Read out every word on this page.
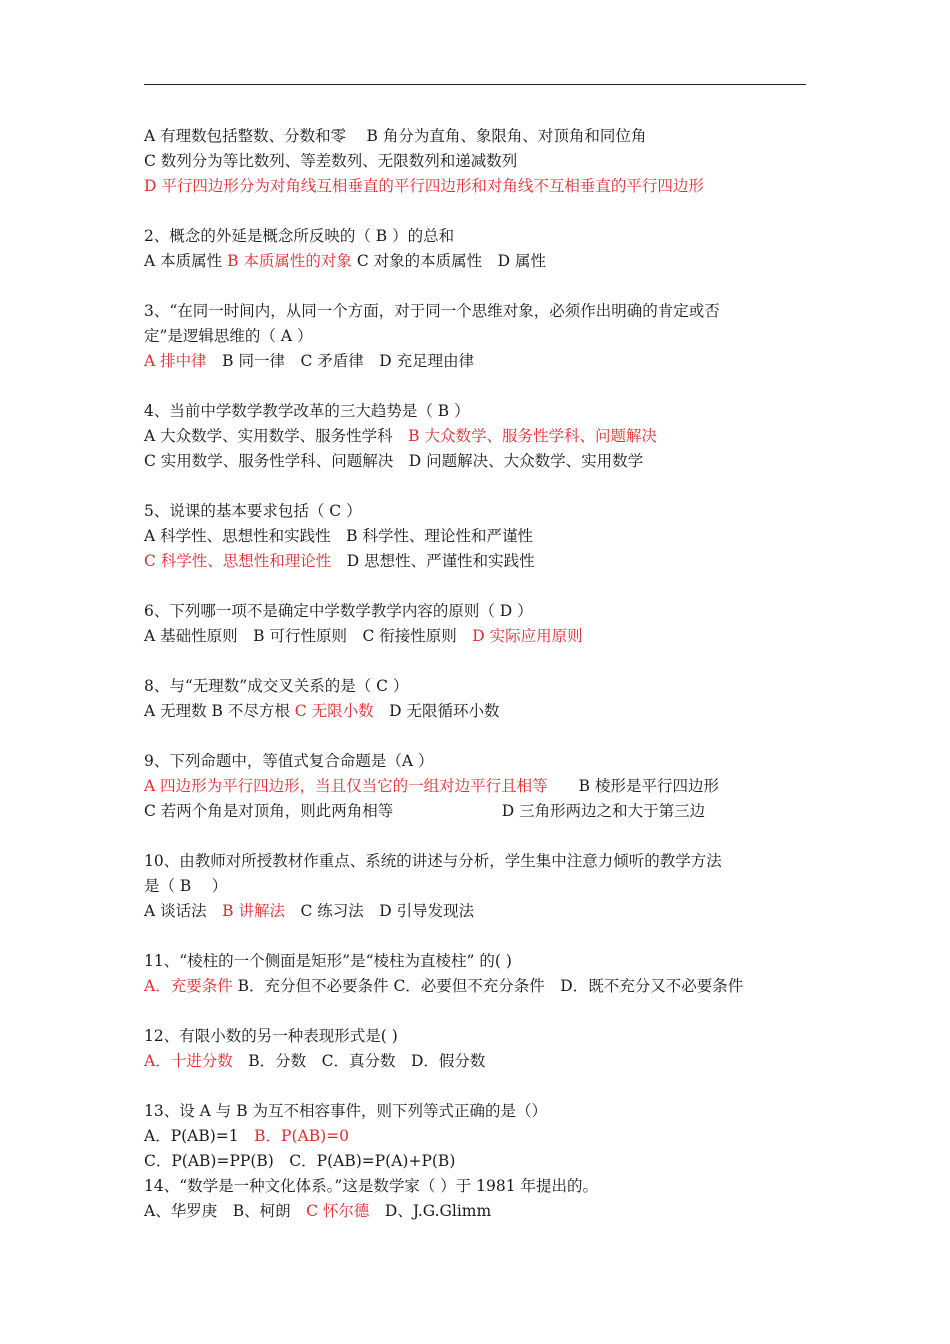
A 有理数包括整数、分数和零 　B 角分为直角、象限角、对顶角和同位角
C 数列分为等比数列、等差数列、无限数列和递减数列
D 平行四边形分为对角线互相垂直的平行四边形和对角线不互相垂直的平行四边形
2、概念的外延是概念所反映的（ B ）的总和
A 本质属性 B 本质属性的对象 C 对象的本质属性　D 属性
3、“在同一时间内，从同一个方面，对于同一个思维对象，必须作出明确的肯定或否
定”是逻辑思维的（ A ）
A 排中律　B 同一律　C 矛盾律　D 充足理由律
4、当前中学数学教学改革的三大趋势是（ B ）
A 大众数学、实用数学、服务性学科　B 大众数学、服务性学科、问题解决
C 实用数学、服务性学科、问题解决　D 问题解决、大众数学、实用数学
5、说课的基本要求包括（ C ）
A 科学性、思想性和实践性　B 科学性、理论性和严谨性
C 科学性、思想性和理论性　D 思想性、严谨性和实践性
6、下列哪一项不是确定中学数学教学内容的原则（ D ）
A 基础性原则　B 可行性原则　C 衔接性原则　D 实际应用原则
8、与“无理数”成交叉关系的是（ C ）
A 无理数 B 不尽方根 C 无限小数　D 无限循环小数
9、下列命题中，等值式复合命题是（A ）
A 四边形为平行四边形，当且仅当它的一组对边平行且相等　　B 棱形是平行四边形
C 若两个角是对顶角，则此两角相等　　　　　　　D 三角形两边之和大于第三边
10、由教师对所授教材作重点、系统的讲述与分析，学生集中注意力倾听的教学方法
是（ B 　）
A 谈话法　B 讲解法　C 练习法　D 引导发现法
11、“棱柱的一个侧面是矩形”是“棱柱为直棱柱” 的( )
A．充要条件 B．充分但不必要条件 C．必要但不充分条件　D．既不充分又不必要条件
12、有限小数的另一种表现形式是( )
A．十进分数　B．分数　C．真分数　D．假分数
13、设 A 与 B 为互不相容事件，则下列等式正确的是（）
A．P(AB)=1　B．P(AB)=0
C．P(AB)=PP(B)　C．P(AB)=P(A)+P(B)
14、“数学是一种文化体系。”这是数学家（ ）于 1981 年提出的。
A、华罗庚　B、柯朗　C 怀尔德　D、J.G.Glimm
